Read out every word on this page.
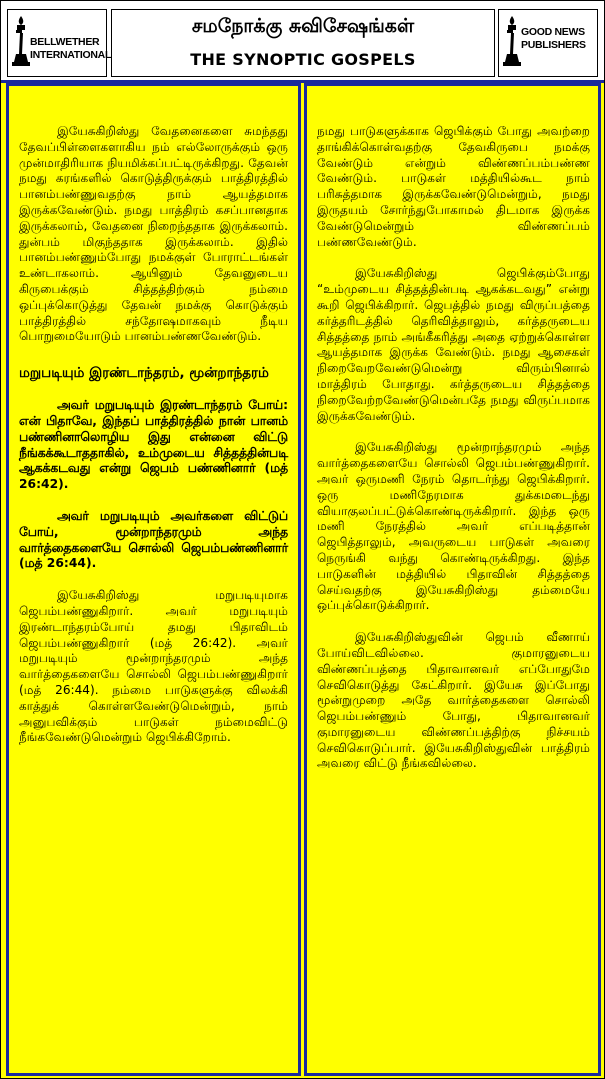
BELLWETHER
INTERNATIONAL
சமநோக்கு சுவிசேஷங்கள்
THE SYNOPTIC GOSPELS
GOOD NEWS
PUBLISHERS

இயேசுகிறிஸ்து வேதனைகளை சுமந்தது தேவப்பிள்ளைகளாகிய நம் எல்லோருக்கும் ஒரு முன்மாதிரியாக நியமிக்கப்பட்டிருக்கிறது. தேவன் நமது கரங்களில் கொடுத்திருக்கும் பாத்திரத்தில் பானம்பண்ணுவதற்கு நாம் ஆயத்தமாக இருக்கவேண்டும். நமது பாத்திரம் கசப்பானதாக இருக்கலாம், வேதனை நிறைந்ததாக இருக்கலாம். துன்பம் மிகுந்ததாக இருக்கலாம். இதில் பானம்பண்ணும்போது நமக்குள் போராட்டங்கள் உண்டாகலாம். ஆயினும் தேவனுடைய கிருபைக்கும் சித்தத்திற்கும் நம்மை ஒப்புக்கொடுத்து தேவன் நமக்கு கொடுக்கும் பாத்திரத்தில் சந்தோஷமாகவும் நீடிய பொறுமையோடும் பானம்பண்ணவேண்டும்.

மறுபடியும் இரண்டாந்தரம், மூன்றாந்தரம்

அவர் மறுபடியும் இரண்டாந்தரம் போய்: என் பிதாவே, இந்தப் பாத்திரத்தில் நான் பானம் பண்ணினாலொழிய இது என்னை விட்டு நீங்கக்கூடாததாகில், உம்முடைய சித்தத்தின்படி ஆகக்கடவது என்று ஜெபம் பண்ணினார் (மத் 26:42).

அவர் மறுபடியும் அவர்களை விட்டுப் போய், மூன்றாந்தரமும் அந்த வார்த்தைகளையே சொல்லி ஜெபம்பண்ணினார் (மத் 26:44).

இயேசுகிறிஸ்து மறுபடியுமாக ஜெபம்பண்ணுகிறார். அவர் மறுபடியும் இரண்டாந்தரம்போய் தமது பிதாவிடம் ஜெபம்பண்ணுகிறார் (மத் 26:42). அவர் மறுபடியும் மூன்றாந்தரமும் அந்த வார்த்தைகளையே சொல்லி ஜெபம்பண்ணுகிறார் (மத் 26:44). நம்மை பாடுகளுக்கு விலக்கி காத்துக் கொள்ளவேண்டுமென்றும், நாம் அனுபவிக்கும் பாடுகள் நம்மைவிட்டு நீங்கவேண்டுமென்றும் ஜெபிக்கிறோம்.

நமது பாடுகளுக்காக ஜெபிக்கும் போது அவற்றை தாங்கிக்கொள்வதற்கு தேவகிருபை நமக்கு வேண்டும் என்றும் விண்ணப்பம்பண்ண வேண்டும். பாடுகள் மத்தியில்கூட நாம் பரிசுத்தமாக இருக்கவேண்டுமென்றும், நமது இருதயம் சோர்ந்துபோகாமல் திடமாக இருக்க வேண்டுமென்றும் விண்ணப்பம் பண்ணவேண்டும்.

இயேசுகிறிஸ்து ஜெபிக்கும்போது “உம்முடைய சித்தத்தின்படி ஆகக்கடவது” என்று கூறி ஜெபிக்கிறார். ஜெபத்தில் நமது விருப்பத்தை கர்த்தரிடத்தில் தெரிவித்தாலும், கர்த்தருடைய சித்தத்தை நாம் அங்கீகரித்து அதை ஏற்றுக்கொள்ள ஆயத்தமாக இருக்க வேண்டும். நமது ஆசைகள் நிறைவேறவேண்டுமென்று விரும்பினால் மாத்திரம் போதாது. கர்த்தருடைய சித்தத்தை நிறைவேற்றவேண்டுமென்பதே நமது விருப்பமாக இருக்கவேண்டும்.

இயேசுகிறிஸ்து மூன்றாந்தரமும் அந்த வார்த்தைகளையே சொல்லி ஜெபம்பண்ணுகிறார். அவர் ஒருமணி நேரம் தொடர்ந்து ஜெபிக்கிறார். ஒரு மணிநேரமாக துக்கமடைந்து வியாகுலப்பட்டுக்கொண்டிருக்கிறார். இந்த ஒரு மணி நேரத்தில் அவர் எப்படித்தான் ஜெபித்தாலும், அவருடைய பாடுகள் அவரை நெருங்கி வந்து கொண்டிருக்கிறது. இந்த பாடுகளின் மத்தியில் பிதாவின் சித்தத்தை செய்வதற்கு இயேசுகிறிஸ்து தம்மையே ஒப்புக்கொடுக்கிறார்.

இயேசுகிறிஸ்துவின் ஜெபம் வீணாய் போய்விடவில்லை. குமாரனுடைய விண்ணப்பத்தை பிதாவானவர் எப்போதுமே செவிகொடுத்து கேட்கிறார். இயேசு இப்போது மூன்றுமுறை அதே வார்த்தைகளை சொல்லி ஜெபம்பண்ணும் போது, பிதாவானவர் குமாரனுடைய விண்ணப்பத்திற்கு நிச்சயம் செவிகொடுப்பார். இயேசுகிறிஸ்துவின் பாத்திரம் அவரை விட்டு நீங்கவில்லை.
